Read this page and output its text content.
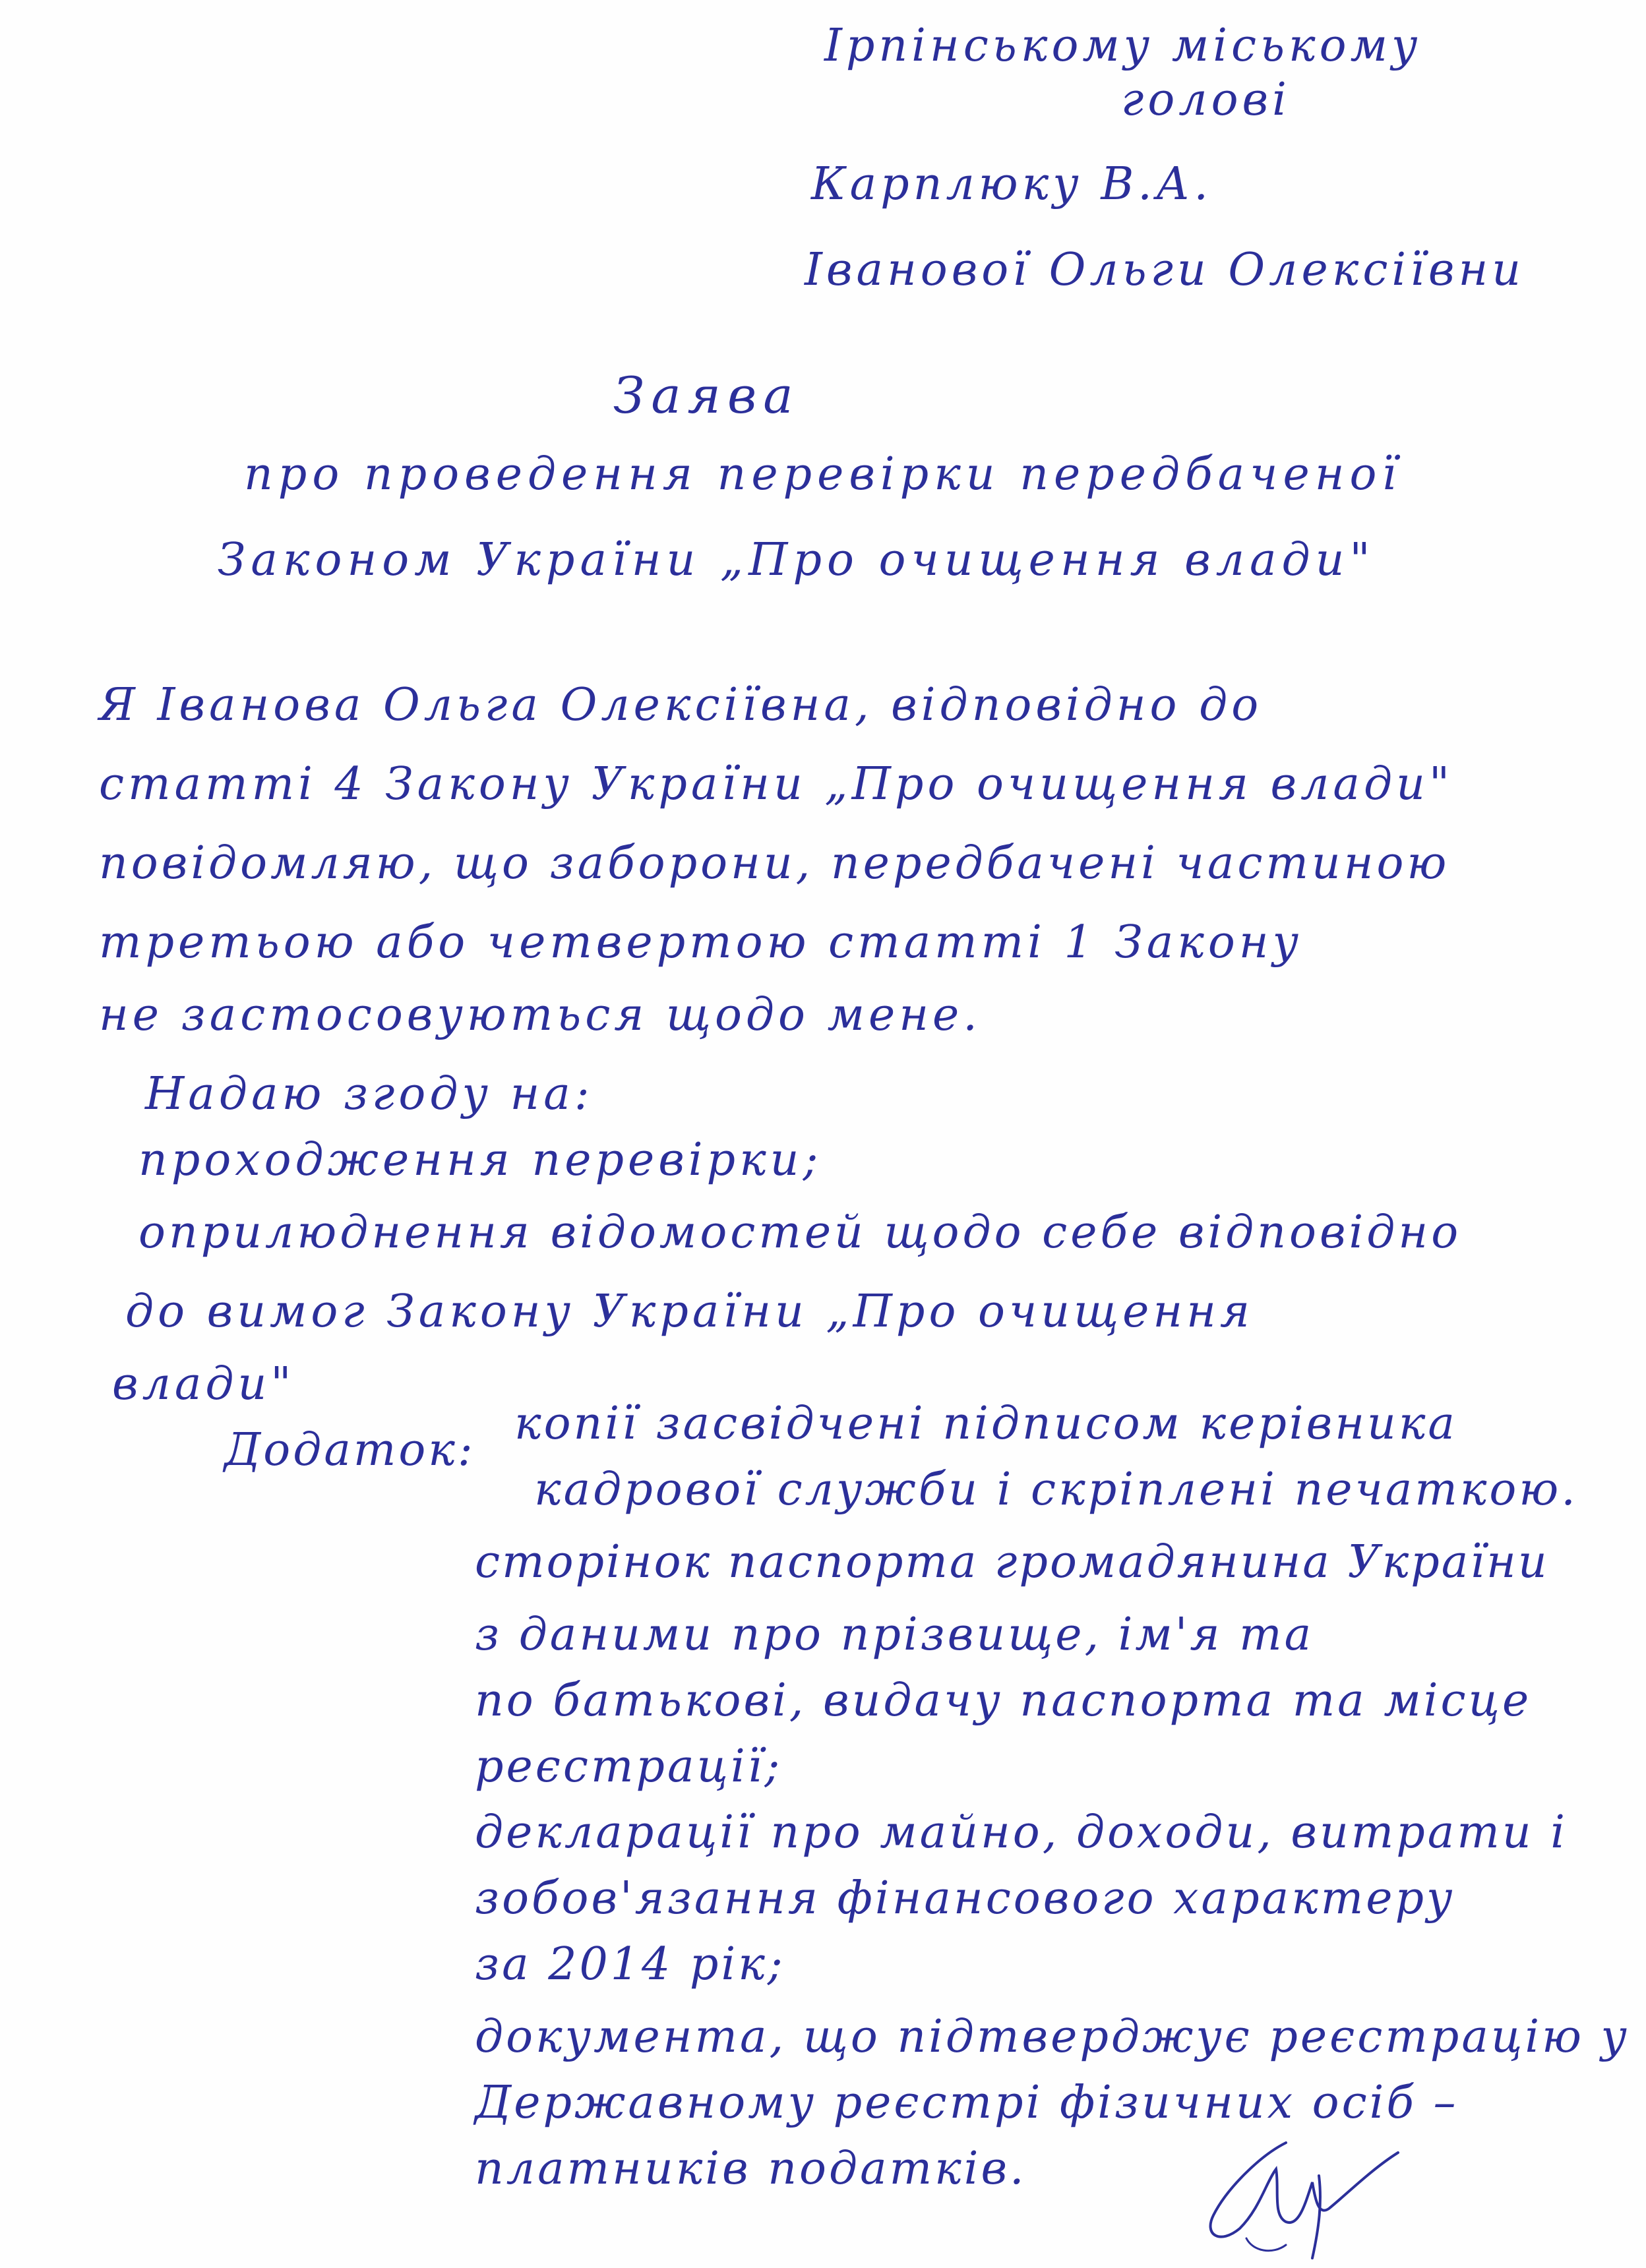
Ірпінському міському
голові
Карплюку В.А.
Іванової Ольги Олексіївни
Заява
про проведення перевірки передбаченої
Законом України „Про очищення влади"
Я Іванова Ольга Олексіївна, відповідно до
статті 4 Закону України „Про очищення влади"
повідомляю, що заборони, передбачені частиною
третьою або четвертою статті 1 Закону
не застосовуються щодо мене.
Надаю згоду на:
проходження перевірки;
оприлюднення відомостей щодо себе відповідно
до вимог Закону України „Про очищення
влади"
Додаток:
копії засвідчені підписом керівника
кадрової служби і скріплені печаткою.
сторінок паспорта громадянина України
з даними про прізвище, ім'я та
по батькові, видачу паспорта та місце
реєстрації;
декларації про майно, доходи, витрати і
зобов'язання фінансового характеру
за 2014 рік;
документа, що підтверджує реєстрацію у
Державному реєстрі фізичних осіб –
платників податків.
